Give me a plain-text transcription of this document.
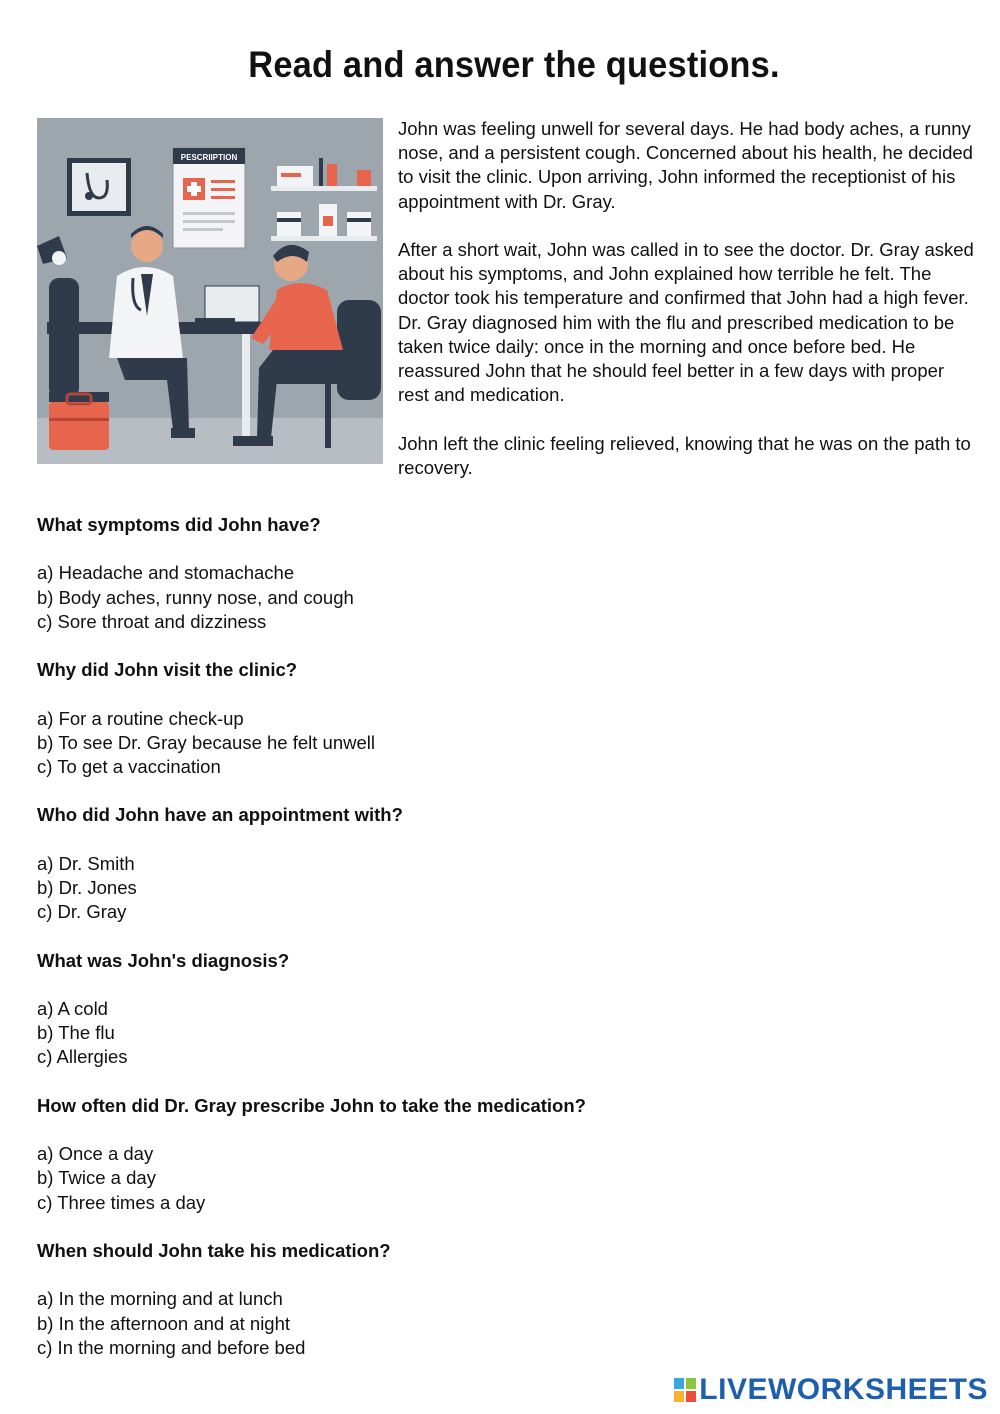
Read and answer the questions.
PESCRIIPTION

John was feeling unwell for several days. He had body aches, a runny nose, and a persistent cough. Concerned about his health, he decided to visit the clinic. Upon arriving, John informed the receptionist of his appointment with Dr. Gray.

After a short wait, John was called in to see the doctor. Dr. Gray asked about his symptoms, and John explained how terrible he felt. The doctor took his temperature and confirmed that John had a high fever. Dr. Gray diagnosed him with the flu and prescribed medication to be taken twice daily: once in the morning and once before bed. He reassured John that he should feel better in a few days with proper rest and medication.

John left the clinic feeling relieved, knowing that he was on the path to recovery.

What symptoms did John have?
a) Headache and stomachache
b) Body aches, runny nose, and cough
c) Sore throat and dizziness
Why did John visit the clinic?
a) For a routine check-up
b) To see Dr. Gray because he felt unwell
c) To get a vaccination
Who did John have an appointment with?
a) Dr. Smith
b) Dr. Jones
c) Dr. Gray
What was John's diagnosis?
a) A cold
b) The flu
c) Allergies
How often did Dr. Gray prescribe John to take the medication?
a) Once a day
b) Twice a day
c) Three times a day
When should John take his medication?
a) In the morning and at lunch
b) In the afternoon and at night
c) In the morning and before bed
LIVEWORKSHEETS
